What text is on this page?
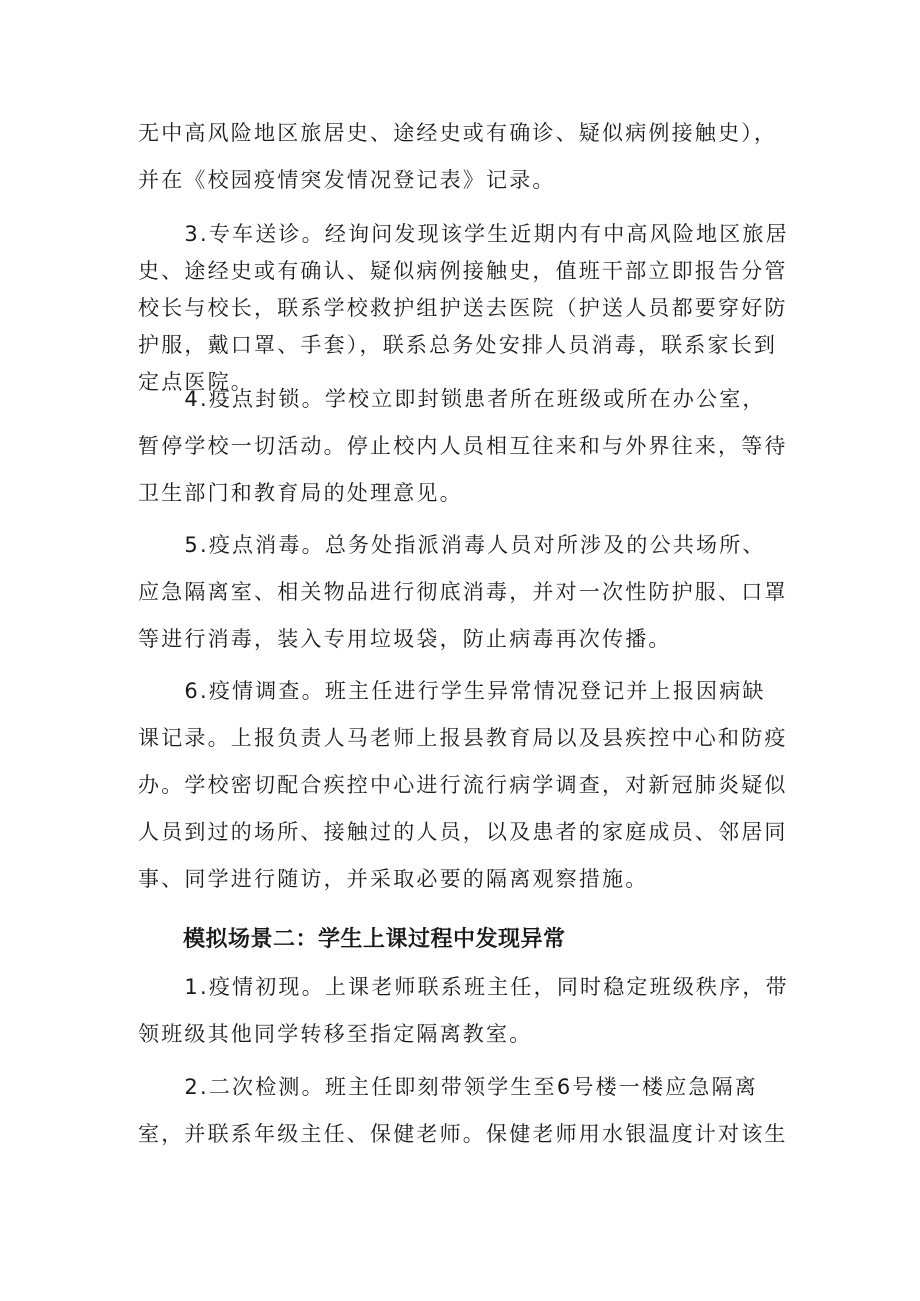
无中高风险地区旅居史、途经史或有确诊、疑似病例接触史），
并在《校园疫情突发情况登记表》记录。

　　3.专车送诊。经询问发现该学生近期内有中高风险地区旅居
史、途经史或有确认、疑似病例接触史，值班干部立即报告分管
校长与校长，联系学校救护组护送去医院（护送人员都要穿好防
护服，戴口罩、手套），联系总务处安排人员消毒，联系家长到
定点医院。

　　4.疫点封锁。学校立即封锁患者所在班级或所在办公室，
暂停学校一切活动。停止校内人员相互往来和与外界往来，等待
卫生部门和教育局的处理意见。

　　5.疫点消毒。总务处指派消毒人员对所涉及的公共场所、
应急隔离室、相关物品进行彻底消毒，并对一次性防护服、口罩
等进行消毒，装入专用垃圾袋，防止病毒再次传播。

　　6.疫情调查。班主任进行学生异常情况登记并上报因病缺
课记录。上报负责人马老师上报县教育局以及县疾控中心和防疫
办。学校密切配合疾控中心进行流行病学调查，对新冠肺炎疑似
人员到过的场所、接触过的人员，以及患者的家庭成员、邻居同
事、同学进行随访，并采取必要的隔离观察措施。

模拟场景二：学生上课过程中发现异常

　　1.疫情初现。上课老师联系班主任，同时稳定班级秩序，带
领班级其他同学转移至指定隔离教室。

　　2.二次检测。班主任即刻带领学生至6号楼一楼应急隔离
室，并联系年级主任、保健老师。保健老师用水银温度计对该生
